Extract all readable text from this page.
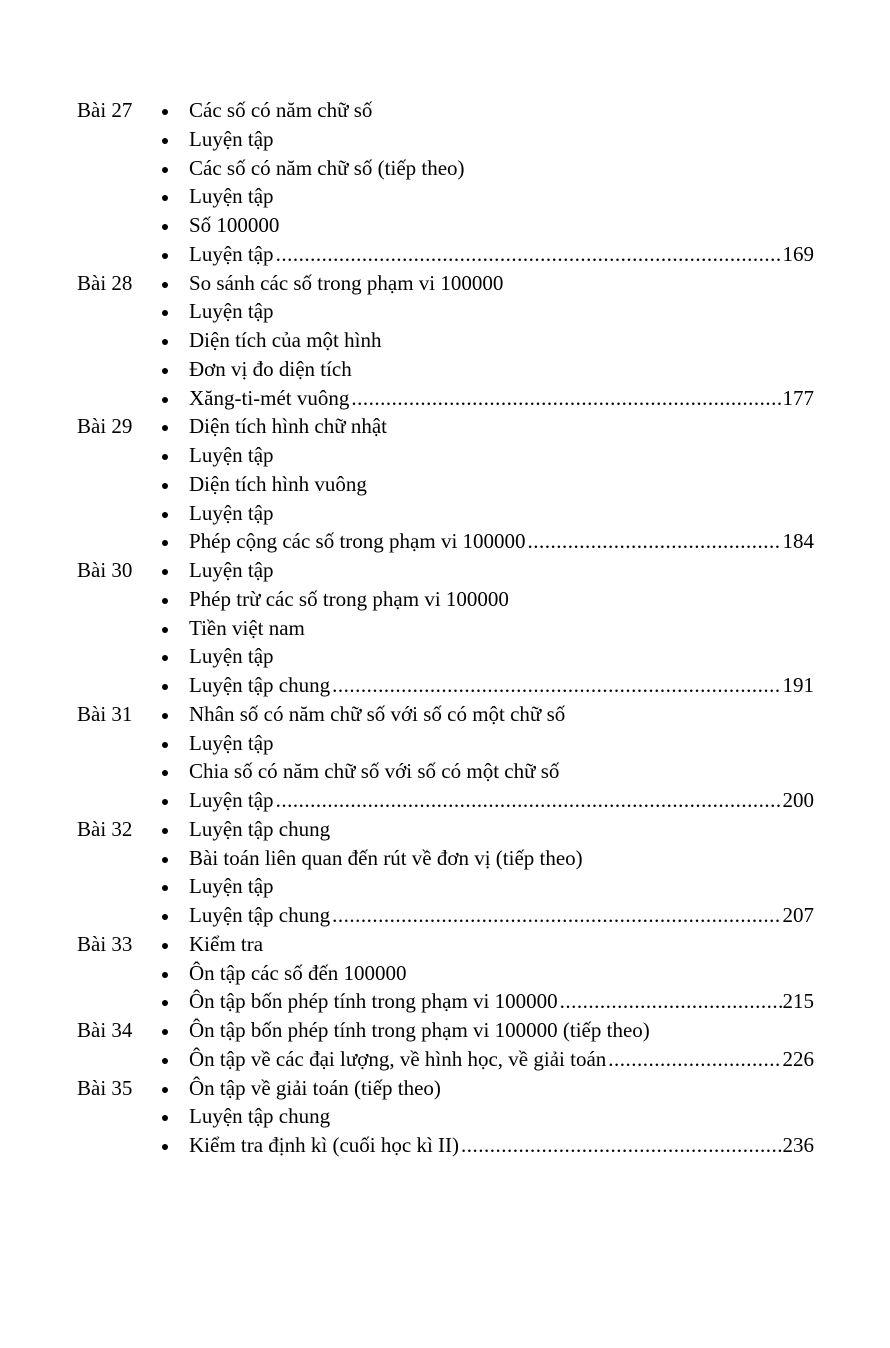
Bài 27	Các số có năm chữ số
Luyện tập
Các số có năm chữ số (tiếp theo)
Luyện tập
Số 100000
Luyện tập .....	169
Bài 28	So sánh các số trong phạm vi 100000
Luyện tập
Diện tích của một hình
Đơn vị đo diện tích
Xăng-ti-mét vuông .....	177
Bài 29	Diện tích hình chữ nhật
Luyện tập
Diện tích hình vuông
Luyện tập
Phép cộng các số trong phạm vi 100000 .....	184
Bài 30	Luyện tập
Phép trừ các số trong phạm vi 100000
Tiền việt nam
Luyện tập
Luyện tập chung .....	191
Bài 31	Nhân số có năm chữ số với số có một chữ số
Luyện tập
Chia số có năm chữ số với số có một chữ số
Luyện tập .....	200
Bài 32	Luyện tập chung
Bài toán liên quan đến rút về đơn vị (tiếp theo)
Luyện tập
Luyện tập chung .....	207
Bài 33	Kiểm tra
Ôn tập các số đến 100000
Ôn tập bốn phép tính trong phạm vi 100000 .....	215
Bài 34	Ôn tập bốn phép tính trong phạm vi 100000 (tiếp theo)
Ôn tập về các đại lượng, về hình học, về giải toán .....	226
Bài 35	Ôn tập về giải toán (tiếp theo)
Luyện tập chung
Kiểm tra định kì (cuối học kì II) .....	236
